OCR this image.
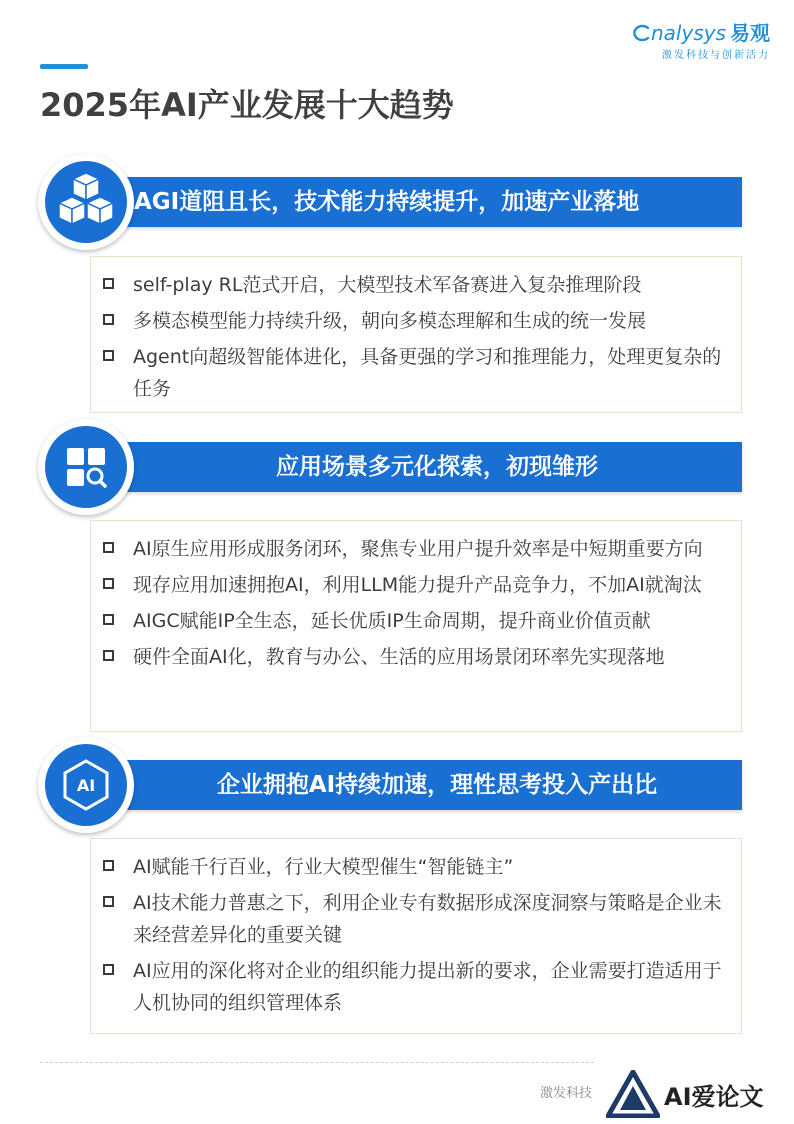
nalysys 易观
激发科技与创新活力
2025年AI产业发展十大趋势
AGI道阻且长，技术能力持续提升，加速产业落地
self-play RL范式开启，大模型技术军备赛进入复杂推理阶段
多模态模型能力持续升级，朝向多模态理解和生成的统一发展
Agent向超级智能体进化，具备更强的学习和推理能力，处理更复杂的任务
应用场景多元化探索，初现雏形
AI原生应用形成服务闭环，聚焦专业用户提升效率是中短期重要方向
现存应用加速拥抱AI，利用LLM能力提升产品竞争力，不加AI就淘汰
AIGC赋能IP全生态，延长优质IP生命周期，提升商业价值贡献
硬件全面AI化，教育与办公、生活的应用场景闭环率先实现落地
企业拥抱AI持续加速，理性思考投入产出比
AI
AI赋能千行百业，行业大模型催生“智能链主”
AI技术能力普惠之下，利用企业专有数据形成深度洞察与策略是企业未来经营差异化的重要关键
AI应用的深化将对企业的组织能力提出新的要求，企业需要打造适用于人机协同的组织管理体系
激发科技	AI爱论文
